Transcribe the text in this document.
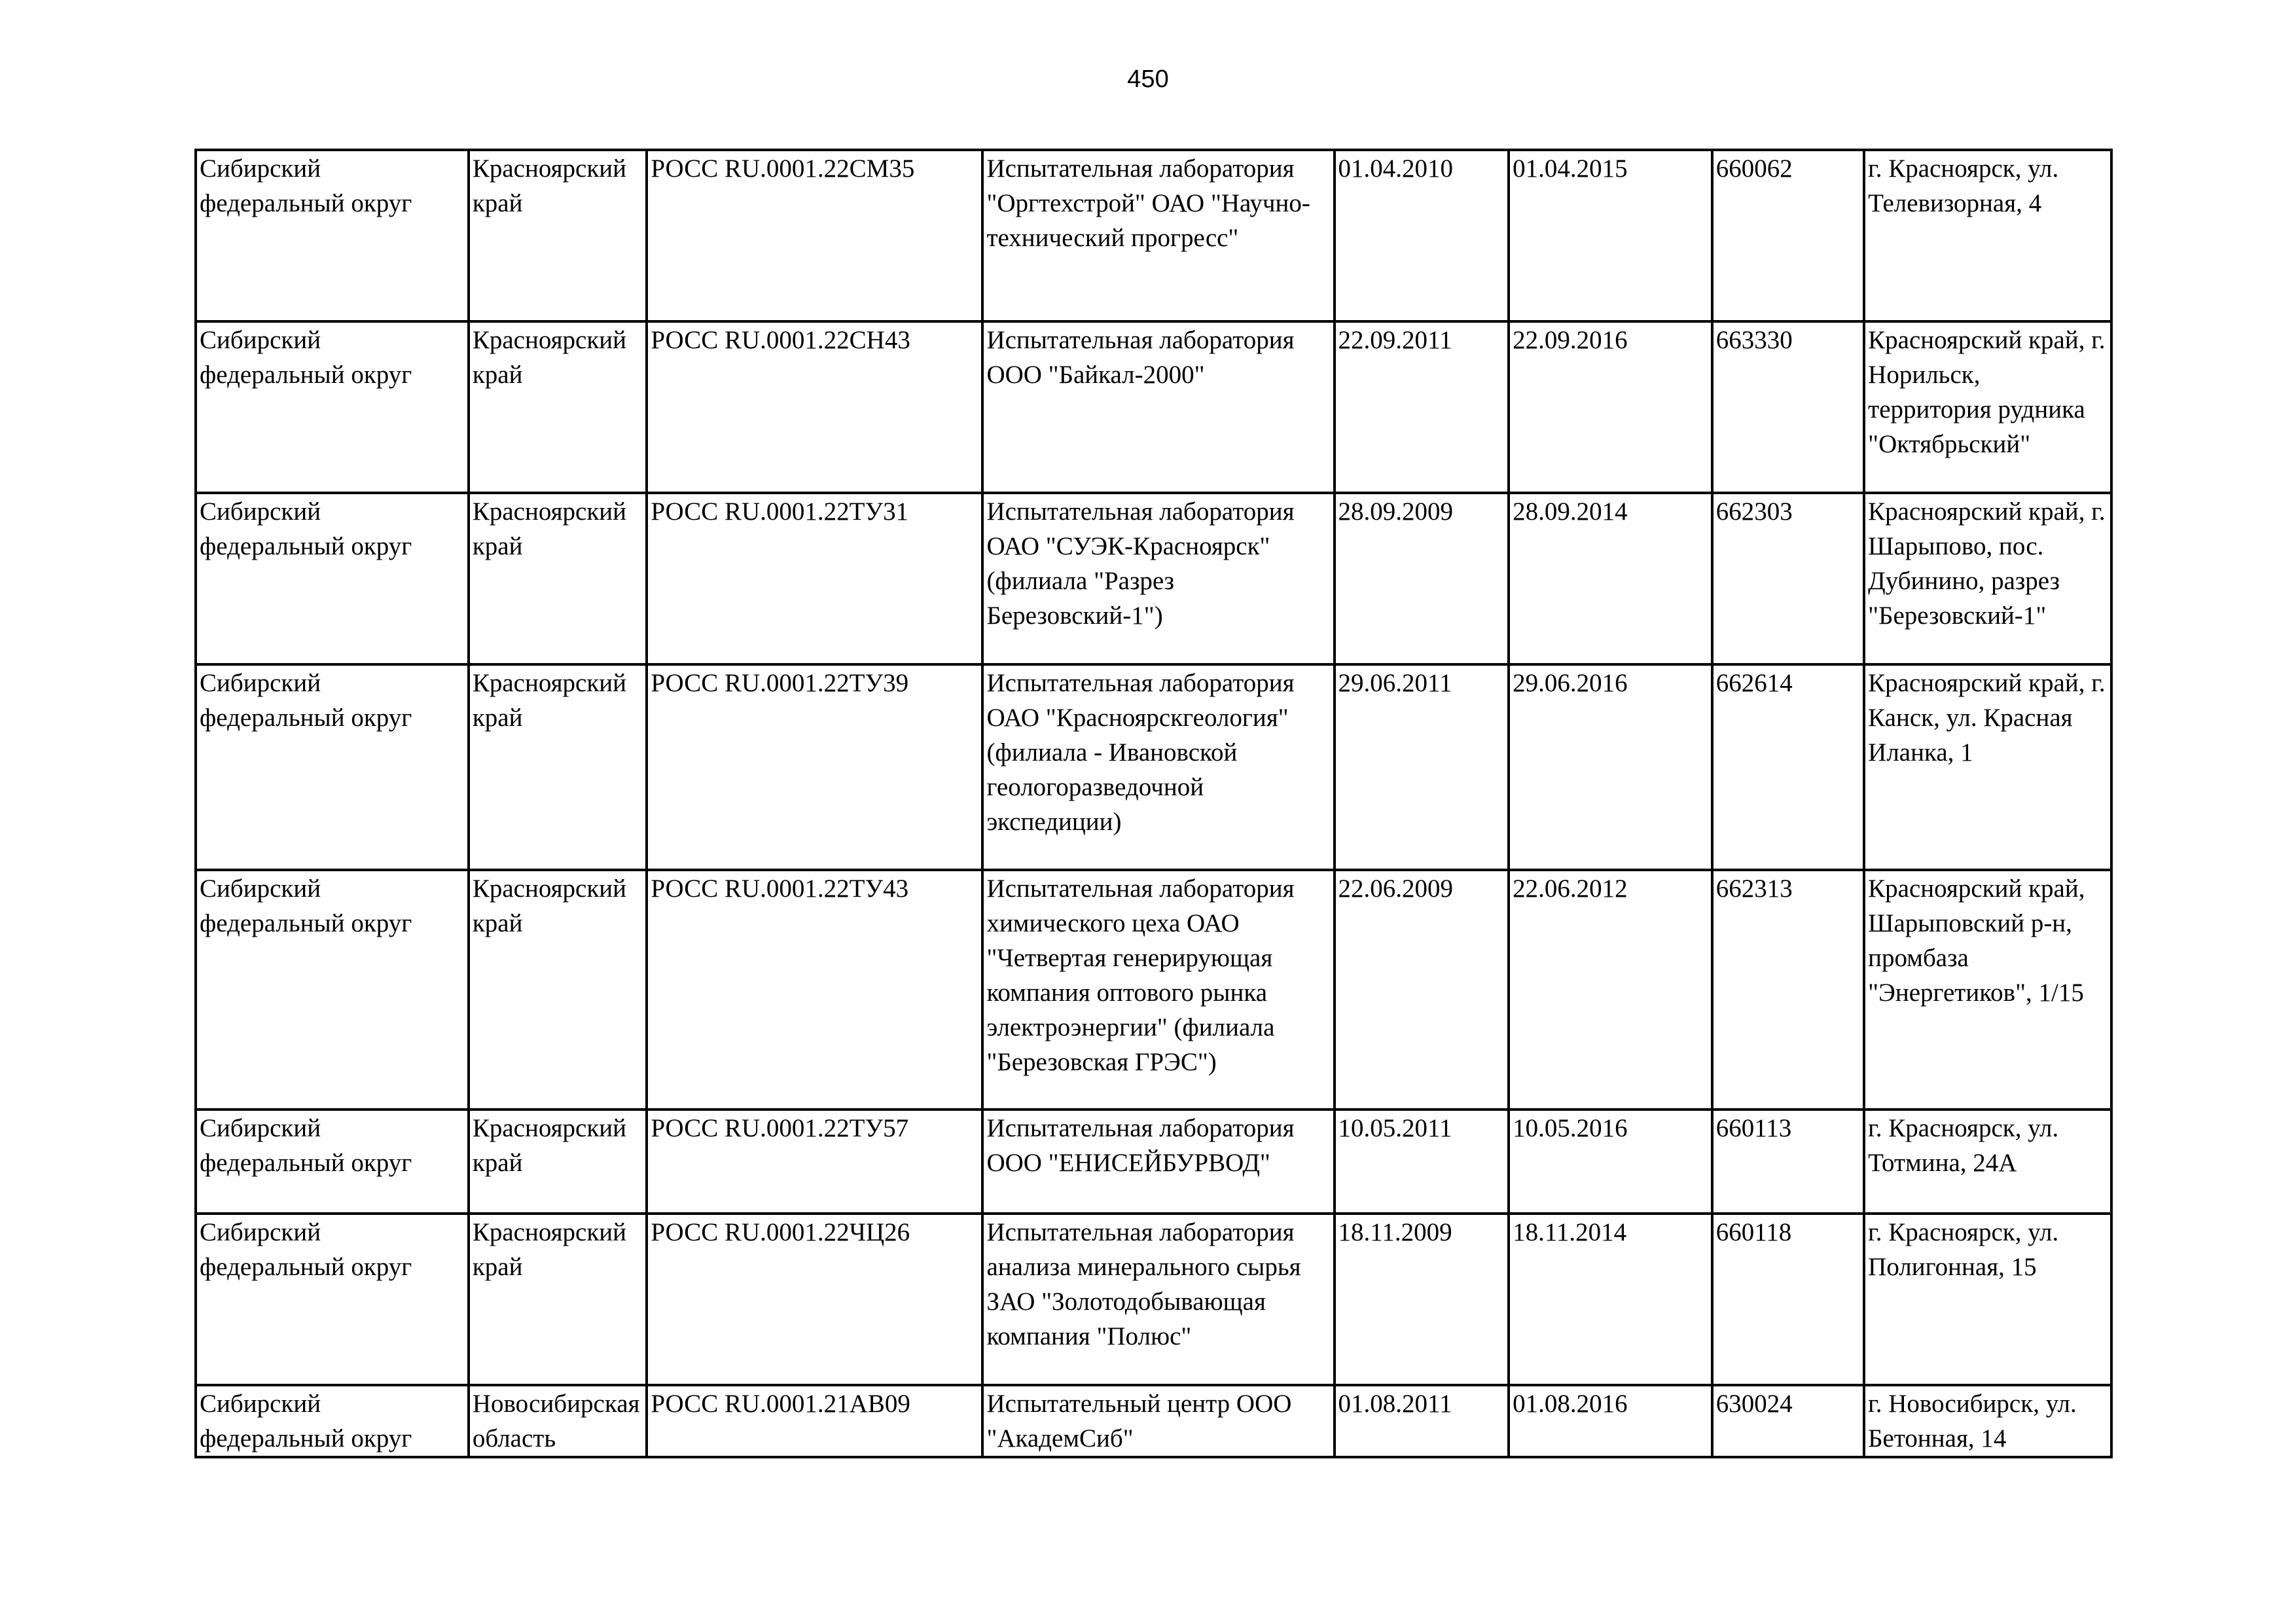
450
Сибирский федеральный округ	Красноярский край	РОСС RU.0001.22СМ35	Испытательная лаборатория "Оргтехстрой" ОАО "Научно-технический прогресс"	01.04.2010	01.04.2015	660062	г. Красноярск, ул. Телевизорная, 4

Сибирский федеральный округ	Красноярский край	РОСС RU.0001.22СН43	Испытательная лаборатория ООО "Байкал-2000"	22.09.2011	22.09.2016	663330	Красноярский край, г. Норильск, территория рудника "Октябрьский"

Сибирский федеральный округ	Красноярский край	РОСС RU.0001.22ТУ31	Испытательная лаборатория ОАО "СУЭК-Красноярск" (филиала "Разрез Березовский-1")	28.09.2009	28.09.2014	662303	Красноярский край, г. Шарыпово, пос. Дубинино, разрез "Березовский-1"

Сибирский федеральный округ	Красноярский край	РОСС RU.0001.22ТУ39	Испытательная лаборатория ОАО "Красноярскгеология" (филиала - Ивановской геологоразведочной экспедиции)	29.06.2011	29.06.2016	662614	Красноярский край, г. Канск, ул. Красная Иланка, 1

Сибирский федеральный округ	Красноярский край	РОСС RU.0001.22ТУ43	Испытательная лаборатория химического цеха ОАО "Четвертая генерирующая компания оптового рынка электроэнергии" (филиала "Березовская ГРЭС")	22.06.2009	22.06.2012	662313	Красноярский край, Шарыповский р-н, промбаза "Энергетиков", 1/15

Сибирский федеральный округ	Красноярский край	РОСС RU.0001.22ТУ57	Испытательная лаборатория ООО "ЕНИСЕЙБУРВОД"	10.05.2011	10.05.2016	660113	г. Красноярск, ул. Тотмина, 24А

Сибирский федеральный округ	Красноярский край	РОСС RU.0001.22ЧЦ26	Испытательная лаборатория анализа минерального сырья ЗАО "Золотодобывающая компания "Полюс"	18.11.2009	18.11.2014	660118	г. Красноярск, ул. Полигонная, 15

Сибирский федеральный округ	Новосибирская область	РОСС RU.0001.21АВ09	Испытательный центр ООО "АкадемСиб"	01.08.2011	01.08.2016	630024	г. Новосибирск, ул. Бетонная, 14
